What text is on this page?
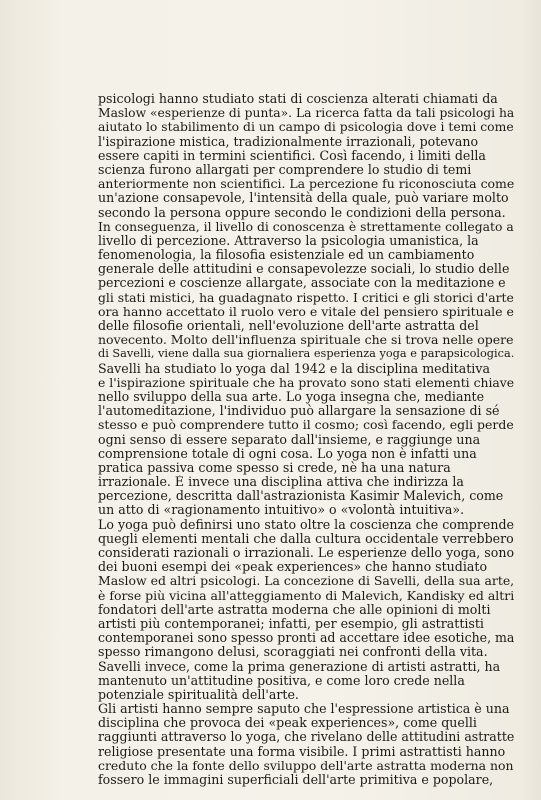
psicologi hanno studiato stati di coscienza alterati chiamati da
Maslow «esperienze di punta». La ricerca fatta da tali psicologi ha
aiutato lo stabilimento di un campo di psicologia dove i temi come
l'ispirazione mistica, tradizionalmente irrazionali, potevano
essere capiti in termini scientifici. Così facendo, i limiti della
scienza furono allargati per comprendere lo studio di temi
anteriormente non scientifici. La percezione fu riconosciuta come
un'azione consapevole, l'intensità della quale, può variare molto
secondo la persona oppure secondo le condizioni della persona.
In conseguenza, il livello di conoscenza è strettamente collegato a
livello di percezione. Attraverso la psicologia umanistica, la
fenomenologia, la filosofia esistenziale ed un cambiamento
generale delle attitudini e consapevolezze sociali, lo studio delle
percezioni e coscienze allargate, associate con la meditazione e
gli stati mistici, ha guadagnato rispetto. I critici e gli storici d'arte
ora hanno accettato il ruolo vero e vitale del pensiero spirituale e
delle filosofie orientali, nell'evoluzione dell'arte astratta del
novecento. Molto dell'influenza spirituale che si trova nelle opere
di Savelli, viene dalla sua giornaliera esperienza yoga e parapsicologica.
Savelli ha studiato lo yoga dal 1942 e la disciplina meditativa
e l'ispirazione spirituale che ha provato sono stati elementi chiave
nello sviluppo della sua arte. Lo yoga insegna che, mediante
l'automeditazione, l'individuo può allargare la sensazione di sé
stesso e può comprendere tutto il cosmo; così facendo, egli perde
ogni senso di essere separato dall'insieme, e raggiunge una
comprensione totale di ogni cosa. Lo yoga non è infatti una
pratica passiva come spesso si crede, nè ha una natura
irrazionale. È invece una disciplina attiva che indirizza la
percezione, descritta dall'astrazionista Kasimir Malevich, come
un atto di «ragionamento intuitivo» o «volontà intuitiva».
Lo yoga può definirsi uno stato oltre la coscienza che comprende
quegli elementi mentali che dalla cultura occidentale verrebbero
considerati razionali o irrazionali. Le esperienze dello yoga, sono
dei buoni esempi dei «peak experiences» che hanno studiato
Maslow ed altri psicologi. La concezione di Savelli, della sua arte,
è forse più vicina all'atteggiamento di Malevich, Kandisky ed altri
fondatori dell'arte astratta moderna che alle opinioni di molti
artisti più contemporanei; infatti, per esempio, gli astrattisti
contemporanei sono spesso pronti ad accettare idee esotiche, ma
spesso rimangono delusi, scoraggiati nei confronti della vita.
Savelli invece, come la prima generazione di artisti astratti, ha
mantenuto un'attitudine positiva, e come loro crede nella
potenziale spiritualità dell'arte.
Gli artisti hanno sempre saputo che l'espressione artistica è una
disciplina che provoca dei «peak experiences», come quelli
raggiunti attraverso lo yoga, che rivelano delle attitudini astratte
religiose presentate una forma visibile. I primi astrattisti hanno
creduto che la fonte dello sviluppo dell'arte astratta moderna non
fossero le immagini superficiali dell'arte primitiva e popolare,
